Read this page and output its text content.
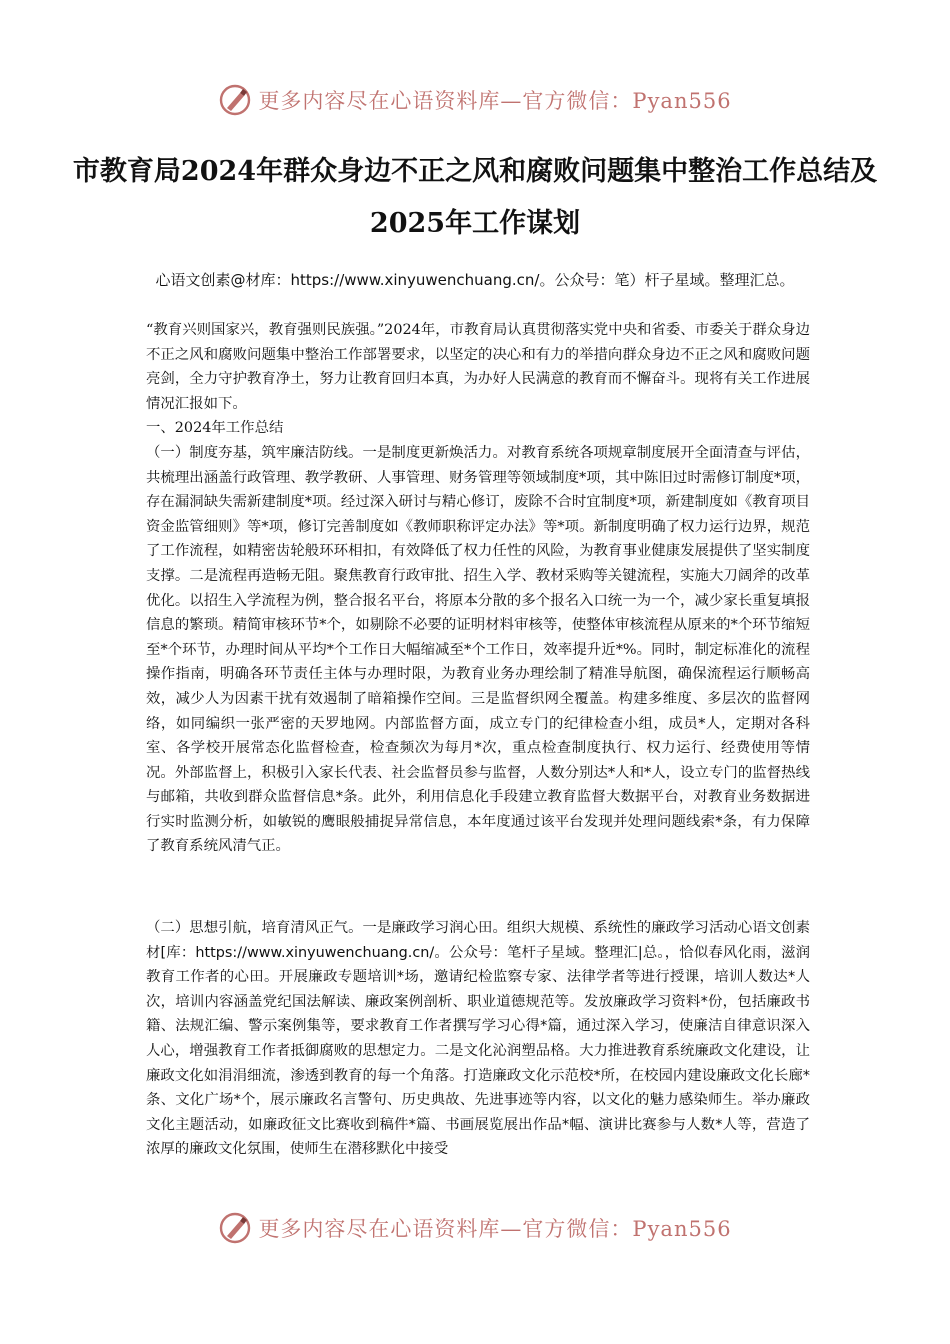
更多内容尽在心语资料库—官方微信：Pyan556
市教育局2024年群众身边不正之风和腐败问题集中整治工作总结及2025年工作谋划
心语文创素@材库：https://www.xinyuwenchuang.cn/。公众号：笔）杆子星域。整理汇总。

“教育兴则国家兴，教育强则民族强。”2024年，市教育局认真贯彻落实党中央和省委、市委关于群众身边不正之风和腐败问题集中整治工作部署要求，以坚定的决心和有力的举措向群众身边不正之风和腐败问题亮剑，全力守护教育净土，努力让教育回归本真，为办好人民满意的教育而不懈奋斗。现将有关工作进展情况汇报如下。

一、2024年工作总结

（一）制度夯基，筑牢廉洁防线。一是制度更新焕活力。对教育系统各项规章制度展开全面清查与评估，共梳理出涵盖行政管理、教学教研、人事管理、财务管理等领域制度*项，其中陈旧过时需修订制度*项，存在漏洞缺失需新建制度*项。经过深入研讨与精心修订，废除不合时宜制度*项，新建制度如《教育项目资金监管细则》等*项，修订完善制度如《教师职称评定办法》等*项。新制度明确了权力运行边界，规范了工作流程，如精密齿轮般环环相扣，有效降低了权力任性的风险，为教育事业健康发展提供了坚实制度支撑。二是流程再造畅无阻。聚焦教育行政审批、招生入学、教材采购等关键流程，实施大刀阔斧的改革优化。以招生入学流程为例，整合报名平台，将原本分散的多个报名入口统一为一个，减少家长重复填报信息的繁琐。精简审核环节*个，如剔除不必要的证明材料审核等，使整体审核流程从原来的*个环节缩短至*个环节，办理时间从平均*个工作日大幅缩减至*个工作日，效率提升近*%。同时，制定标准化的流程操作指南，明确各环节责任主体与办理时限，为教育业务办理绘制了精准导航图，确保流程运行顺畅高效，减少人为因素干扰有效遏制了暗箱操作空间。三是监督织网全覆盖。构建多维度、多层次的监督网络，如同编织一张严密的天罗地网。内部监督方面，成立专门的纪律检查小组，成员*人，定期对各科室、各学校开展常态化监督检查，检查频次为每月*次，重点检查制度执行、权力运行、经费使用等情况。外部监督上，积极引入家长代表、社会监督员参与监督，人数分别达*人和*人，设立专门的监督热线与邮箱，共收到群众监督信息*条。此外，利用信息化手段建立教育监督大数据平台，对教育业务数据进行实时监测分析，如敏锐的鹰眼般捕捉异常信息，本年度通过该平台发现并处理问题线索*条，有力保障了教育系统风清气正。

（二）思想引航，培育清风正气。一是廉政学习润心田。组织大规模、系统性的廉政学习活动心语文创素材[库：https://www.xinyuwenchuang.cn/。公众号：笔杆子星域。整理汇|总。，恰似春风化雨，滋润教育工作者的心田。开展廉政专题培训*场，邀请纪检监察专家、法律学者等进行授课，培训人数达*人次，培训内容涵盖党纪国法解读、廉政案例剖析、职业道德规范等。发放廉政学习资料*份，包括廉政书籍、法规汇编、警示案例集等，要求教育工作者撰写学习心得*篇，通过深入学习，使廉洁自律意识深入人心，增强教育工作者抵御腐败的思想定力。二是文化沁润塑品格。大力推进教育系统廉政文化建设，让廉政文化如涓涓细流，渗透到教育的每一个角落。打造廉政文化示范校*所，在校园内建设廉政文化长廊*条、文化广场*个，展示廉政名言警句、历史典故、先进事迹等内容，以文化的魅力感染师生。举办廉政文化主题活动，如廉政征文比赛收到稿件*篇、书画展览展出作品*幅、演讲比赛参与人数*人等，营造了浓厚的廉政文化氛围，使师生在潜移默化中接受

更多内容尽在心语资料库—官方微信：Pyan556
